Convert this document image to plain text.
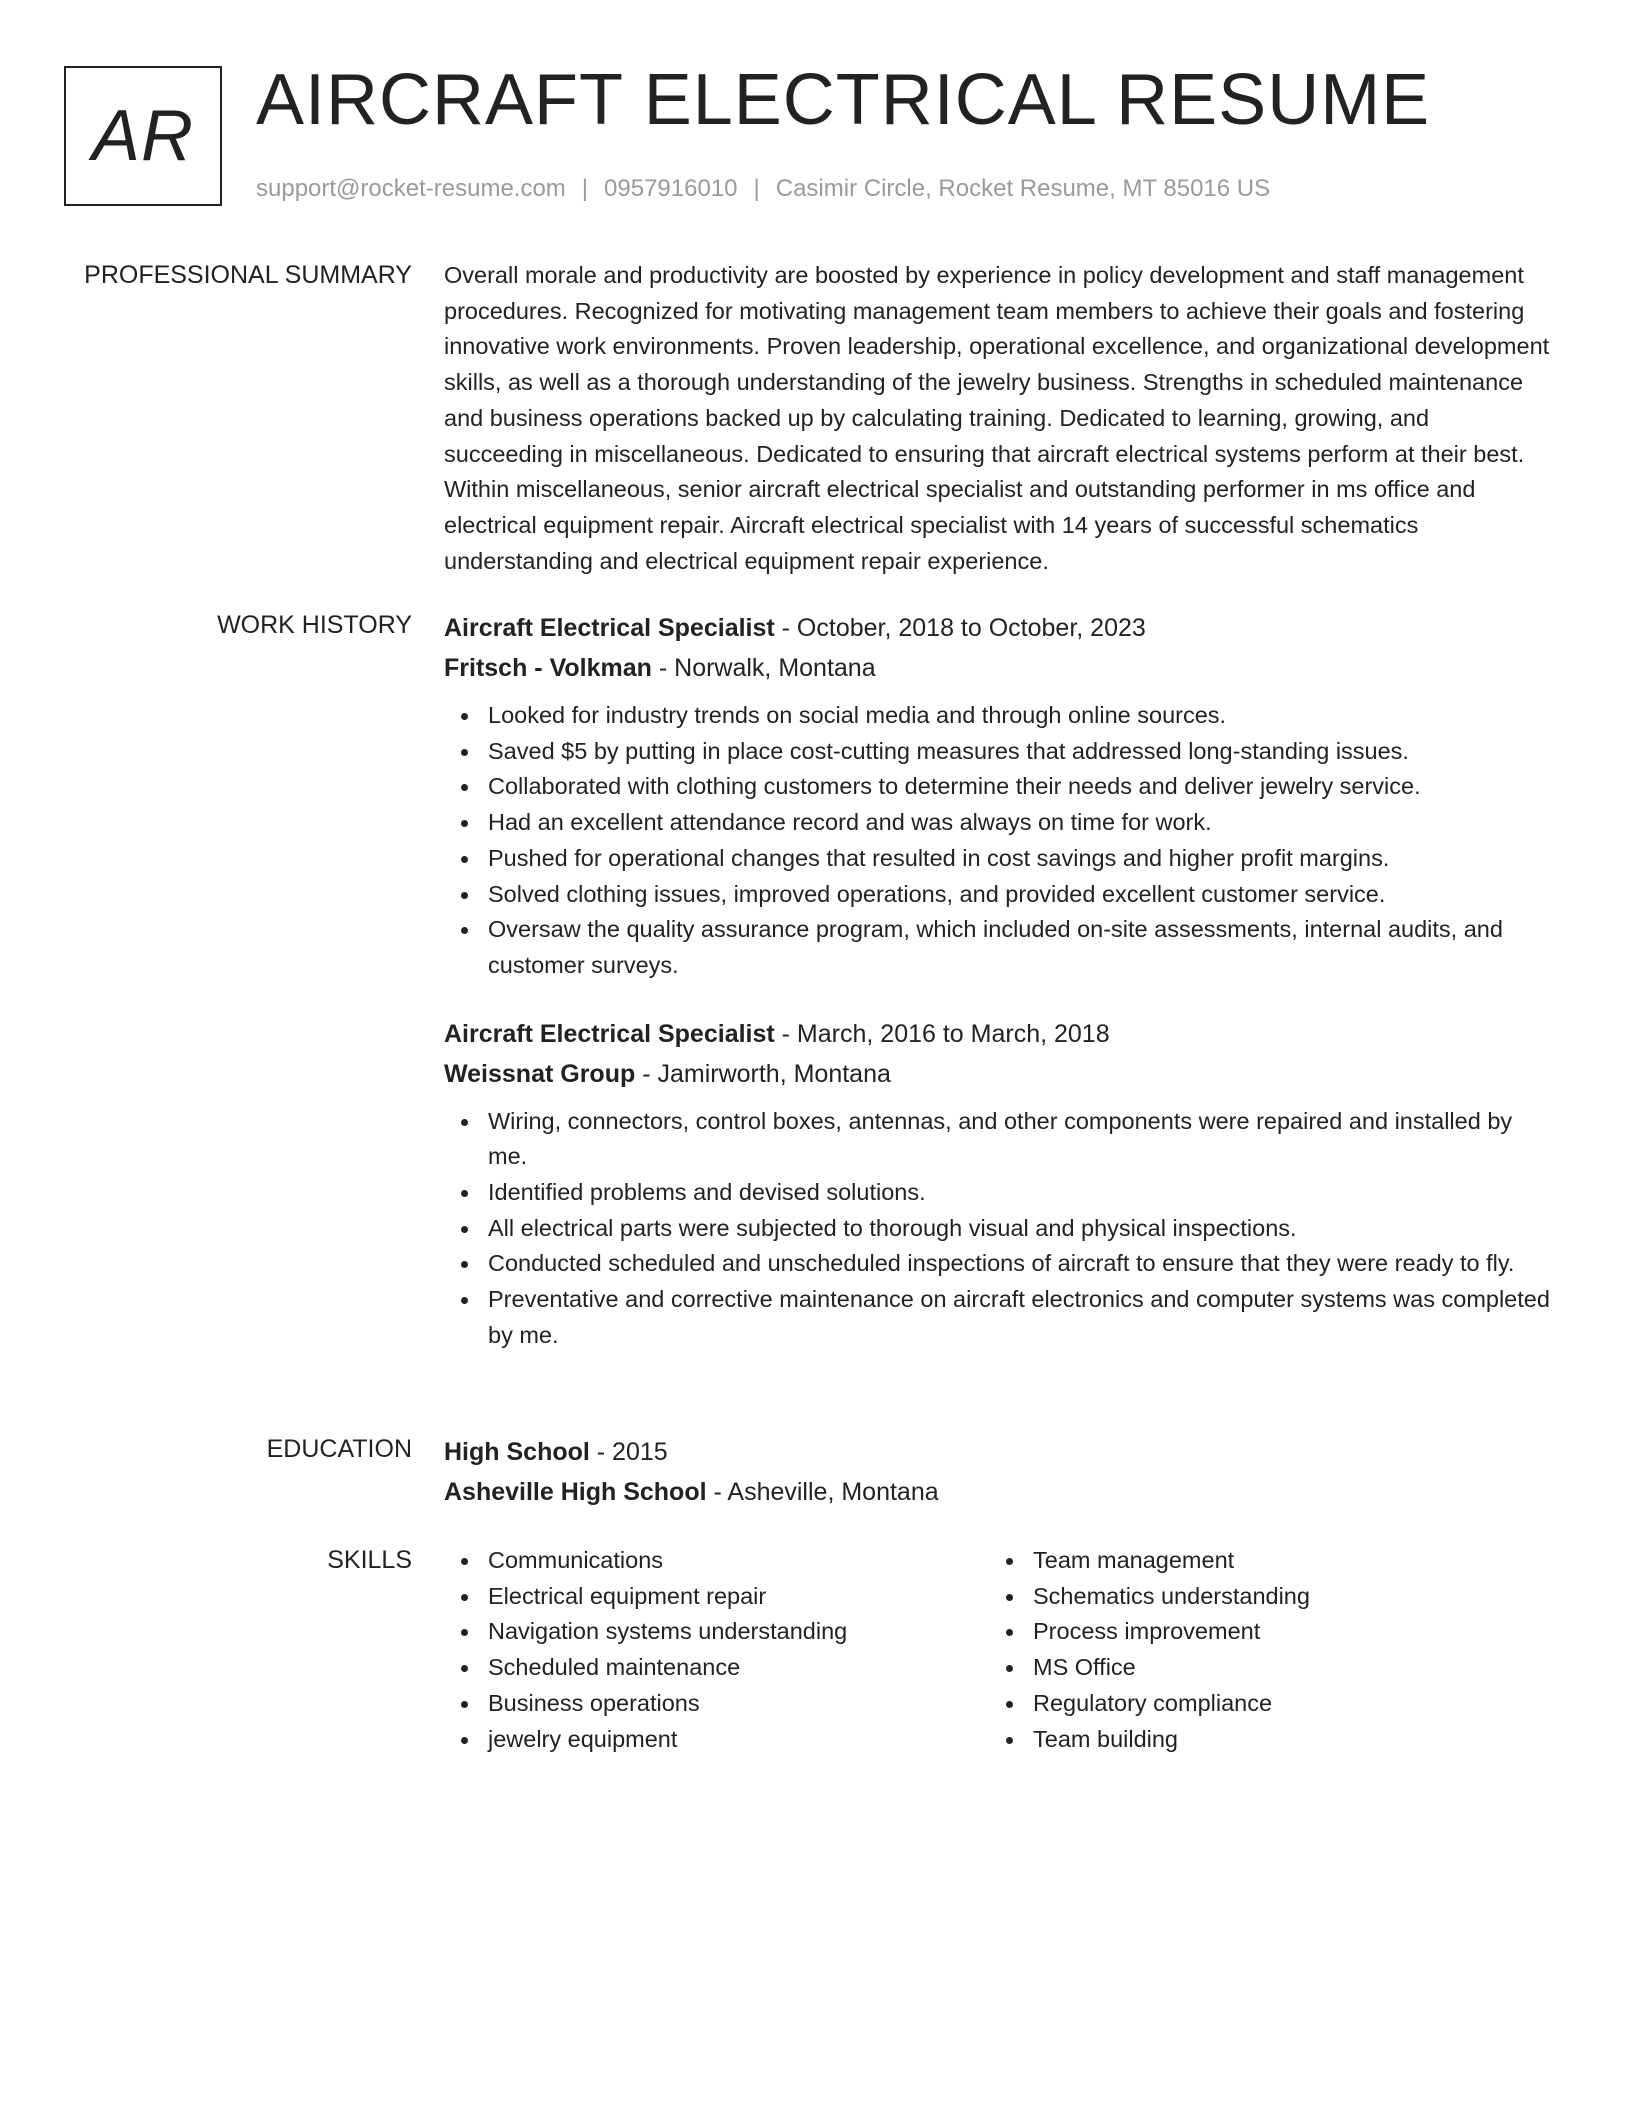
AR AIRCRAFT ELECTRICAL RESUME
support@rocket-resume.com | 0957916010 | Casimir Circle, Rocket Resume, MT 85016 US
PROFESSIONAL SUMMARY Overall morale and productivity are boosted by experience in policy development and staff management procedures. Recognized for motivating management team members to achieve their goals and fostering innovative work environments. Proven leadership, operational excellence, and organizational development skills, as well as a thorough understanding of the jewelry business. Strengths in scheduled maintenance and business operations backed up by calculating training. Dedicated to learning, growing, and succeeding in miscellaneous. Dedicated to ensuring that aircraft electrical systems perform at their best. Within miscellaneous, senior aircraft electrical specialist and outstanding performer in ms office and electrical equipment repair. Aircraft electrical specialist with 14 years of successful schematics understanding and electrical equipment repair experience.

WORK HISTORY Aircraft Electrical Specialist - October, 2018 to October, 2023
Fritsch - Volkman - Norwalk, Montana
Looked for industry trends on social media and through online sources.
Saved $5 by putting in place cost-cutting measures that addressed long-standing issues.
Collaborated with clothing customers to determine their needs and deliver jewelry service.
Had an excellent attendance record and was always on time for work.
Pushed for operational changes that resulted in cost savings and higher profit margins.
Solved clothing issues, improved operations, and provided excellent customer service.
Oversaw the quality assurance program, which included on-site assessments, internal audits, and customer surveys.
Aircraft Electrical Specialist - March, 2016 to March, 2018
Weissnat Group - Jamirworth, Montana
Wiring, connectors, control boxes, antennas, and other components were repaired and installed by me.
Identified problems and devised solutions.
All electrical parts were subjected to thorough visual and physical inspections.
Conducted scheduled and unscheduled inspections of aircraft to ensure that they were ready to fly.
Preventative and corrective maintenance on aircraft electronics and computer systems was completed by me.
EDUCATION High School - 2015
Asheville High School - Asheville, Montana
SKILLS	Communications
Electrical equipment repair
Navigation systems understanding
Scheduled maintenance
Business operations
jewelry equipment
Team management
Schematics understanding
Process improvement
MS Office
Regulatory compliance
Team building
